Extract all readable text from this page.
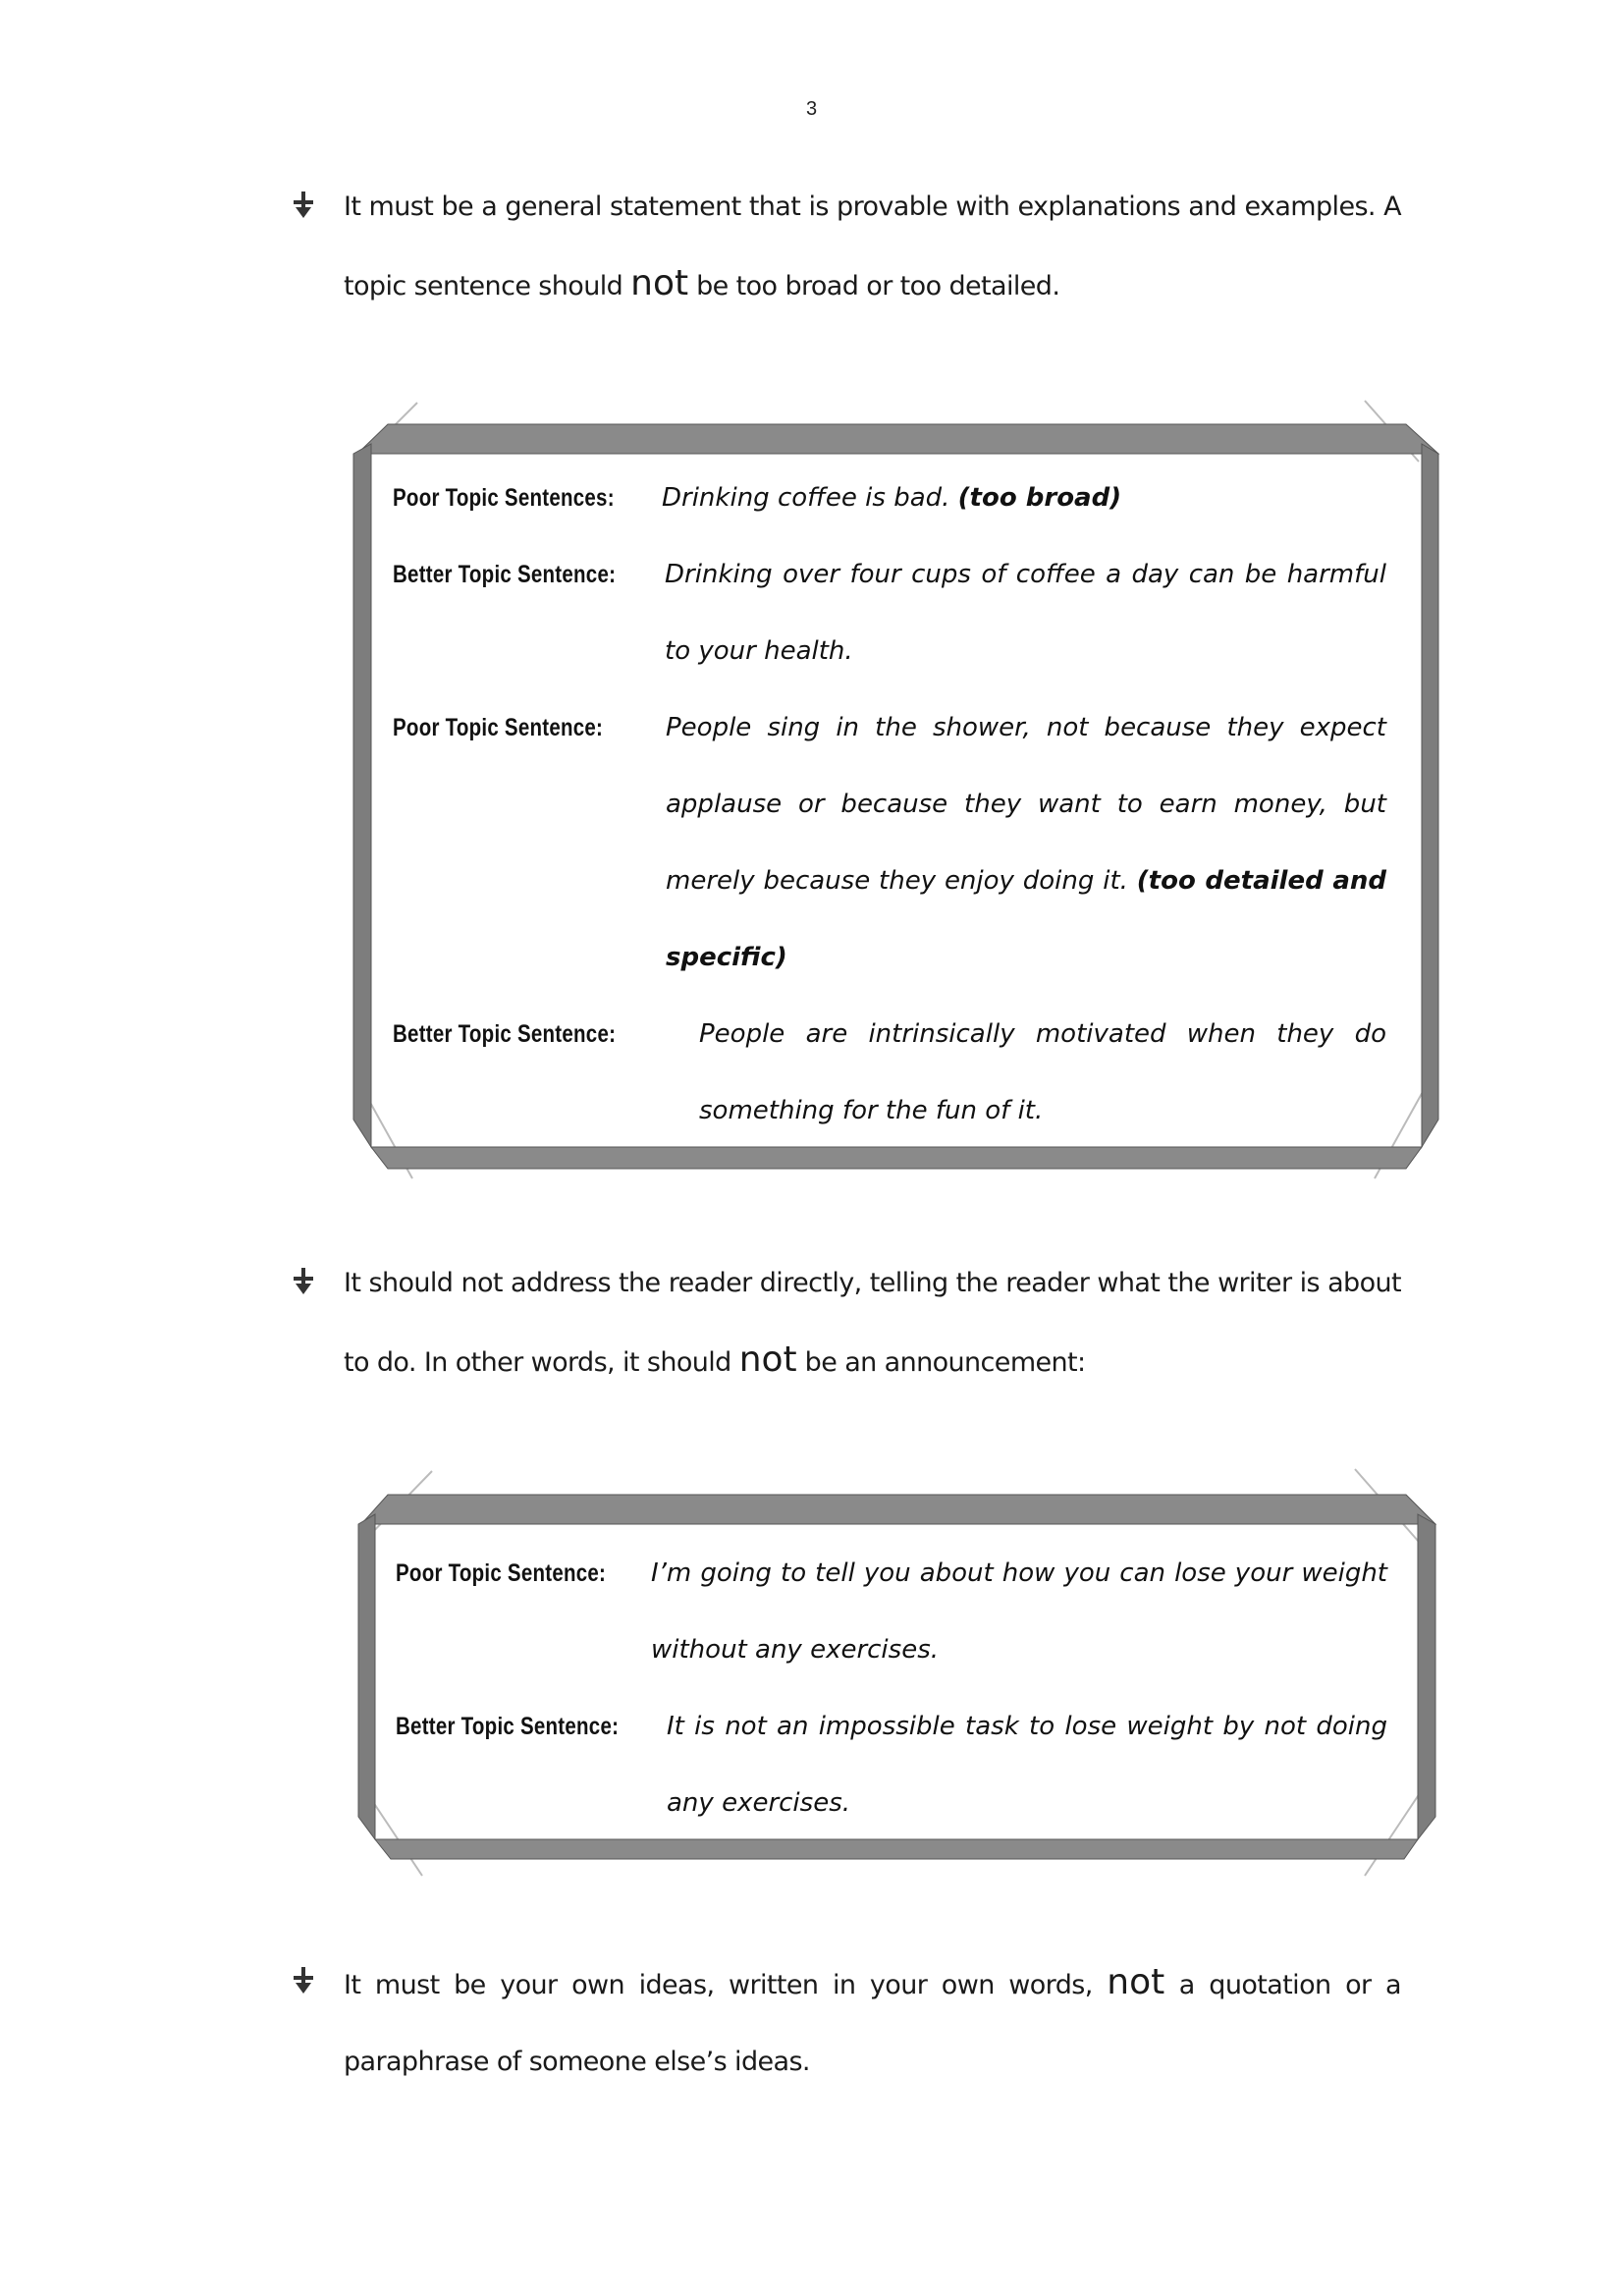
3
It must be a general statement that is provable with explanations and examples. A topic sentence should not be too broad or too detailed.
Poor Topic Sentences: Drinking coffee is bad. (too broad)
Better Topic Sentence: Drinking over four cups of coffee a day can be harmful to your health.
Poor Topic Sentence: People sing in the shower, not because they expect applause or because they want to earn money, but merely because they enjoy doing it. (too detailed and specific)
Better Topic Sentence:	People are intrinsically motivated when they do something for the fun of it.
It should not address the reader directly, telling the reader what the writer is about to do. In other words, it should not be an announcement:
Poor Topic Sentence: I’m going to tell you about how you can lose your weight without any exercises.
Better Topic Sentence: It is not an impossible task to lose weight by not doing any exercises.
It must be your own ideas, written in your own words, not a quotation or a paraphrase of someone else’s ideas.
